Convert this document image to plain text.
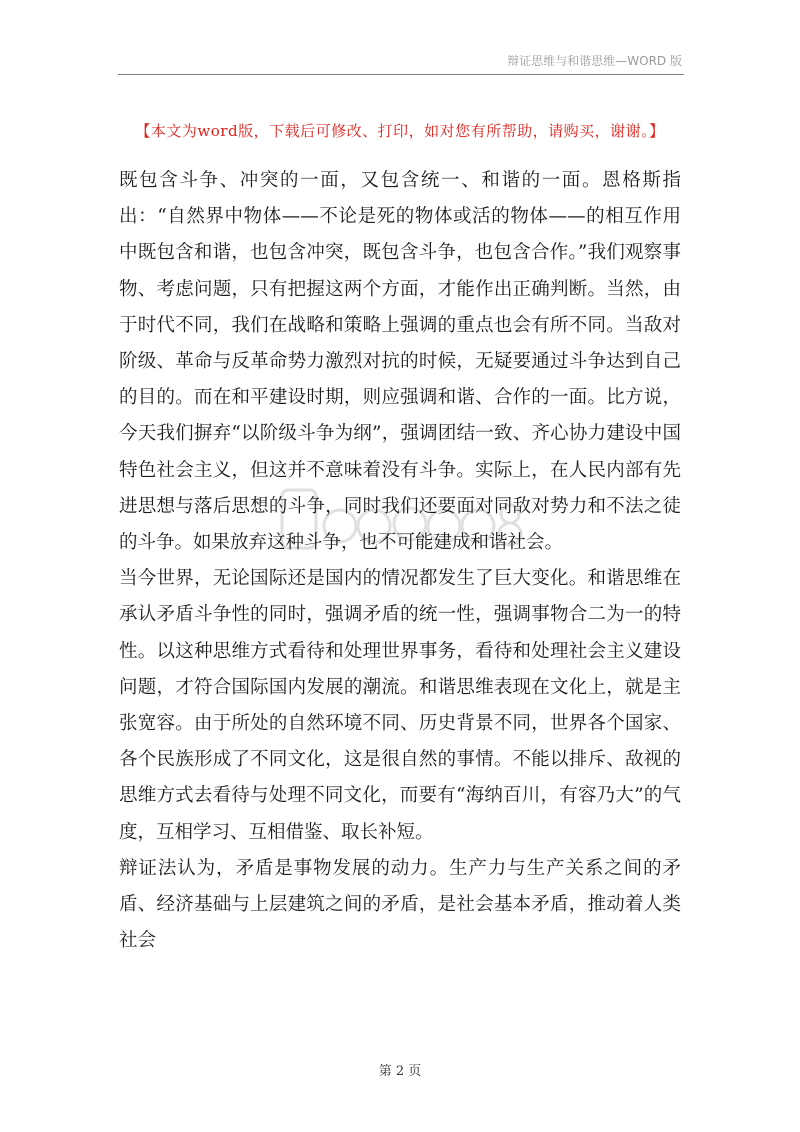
辩证思维与和谐思维—WORD 版
【本文为word版，下载后可修改、打印，如对您有所帮助，请购买，谢谢。】

既包含斗争、冲突的一面，又包含统一、和谐的一面。恩格斯指出：“自然界中物体——不论是死的物体或活的物体——的相互作用中既包含和谐，也包含冲突，既包含斗争，也包含合作。”我们观察事物、考虑问题，只有把握这两个方面，才能作出正确判断。当然，由于时代不同，我们在战略和策略上强调的重点也会有所不同。当敌对阶级、革命与反革命势力激烈对抗的时候，无疑要通过斗争达到自己的目的。而在和平建设时期，则应强调和谐、合作的一面。比方说，今天我们摒弃“以阶级斗争为纲”，强调团结一致、齐心协力建设中国特色社会主义，但这并不意味着没有斗争。实际上，在人民内部有先进思想与落后思想的斗争，同时我们还要面对同敌对势力和不法之徒的斗争。如果放弃这种斗争，也不可能建成和谐社会。

当今世界，无论国际还是国内的情况都发生了巨大变化。和谐思维在承认矛盾斗争性的同时，强调矛盾的统一性，强调事物合二为一的特性。以这种思维方式看待和处理世界事务，看待和处理社会主义建设问题，才符合国际国内发展的潮流。和谐思维表现在文化上，就是主张宽容。由于所处的自然环境不同、历史背景不同，世界各个国家、各个民族形成了不同文化，这是很自然的事情。不能以排斥、敌视的思维方式去看待与处理不同文化，而要有“海纳百川，有容乃大”的气度，互相学习、互相借鉴、取长补短。

辩证法认为，矛盾是事物发展的动力。生产力与生产关系之间的矛盾、经济基础与上层建筑之间的矛盾，是社会基本矛盾，推动着人类社会

第 2 页
